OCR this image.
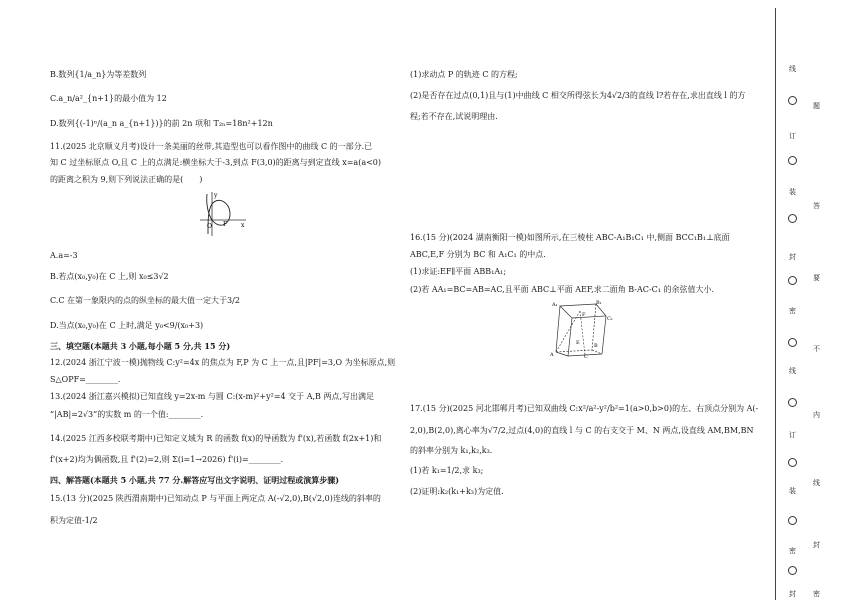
B.数列{1/a_n}为等差数列
C.a_n/a²_{n+1}的最小值为 12
D.数列{(-1)ⁿ/(a_n a_{n+1})}的前 2n 项和 T₂ₙ=18n²+12n
11.(2025 北京顺义月考)设计一条美丽的丝带,其造型也可以看作图中的曲线 C 的一部分.已
知 C 过坐标原点 O,且 C 上的点满足:横坐标大于-3,到点 F(3,0)的距离与到定直线 x=a(a<0)
的距离之积为 9,则下列说法正确的是(　　)
y
O F x
A.a=-3
B.若点(x₀,y₀)在 C 上,则 x₀≤3√2
C.C 在第一象限内的点的纵坐标的最大值一定大于3/2
D.当点(x₀,y₀)在 C 上时,满足 y₀<9/(x₀+3)
三、填空题(本题共 3 小题,每小题 5 分,共 15 分)
12.(2024 浙江宁波一模)抛物线 C:y²=4x 的焦点为 F,P 为 C 上一点,且|PF|=3,O 为坐标原点,则
S△OPF=________.
13.(2024 浙江嘉兴模拟)已知直线 y=2x-m 与圆 C:(x-m)²+y²=4 交于 A,B 两点,写出满足
“|AB|=2√3”的实数 m 的一个值:________.
14.(2025 江西多校联考期中)已知定义域为 R 的函数 f(x)的导函数为 f'(x),若函数 f(2x+1)和
f'(x+2)均为偶函数,且 f'(2)=2,则 Σ(i=1→2026) f'(i)=________.
四、解答题(本题共 5 小题,共 77 分.解答应写出文字说明、证明过程或演算步骤)
15.(13 分)(2025 陕西渭南期中)已知动点 P 与平面上两定点 A(-√2,0),B(√2,0)连线的斜率的
积为定值-1/2
(1)求动点 P 的轨迹 C 的方程;
(2)是否存在过点(0,1)且与(1)中曲线 C 相交所得弦长为4√2/3的直线 l?若存在,求出直线 l 的方
程;若不存在,试说明理由.
16.(15 分)(2024 湖南衡阳一模)如图所示,在三棱柱 ABC-A₁B₁C₁ 中,侧面 BCC₁B₁⊥底面
ABC,E,F 分别为 BC 和 A₁C₁ 的中点.
(1)求证:EF∥平面 ABB₁A₁;
(2)若 AA₁=BC=AB=AC,且平面 ABC⊥平面 AEF,求二面角 B-AC-C₁ 的余弦值大小.
A₁	B₁
C₁
F
A
E	B
C
17.(15 分)(2025 河北邯郸月考)已知双曲线 C:x²/a²-y²/b²=1(a>0,b>0)的左、右顶点分别为 A(-
2,0),B(2,0),离心率为√7/2,过点(4,0)的直线 l 与 C 的右支交于 M、N 两点,设直线 AM,BM,BN
的斜率分别为 k₁,k₂,k₃.
(1)若 k₁=1/2,求 k₃;
(2)证明:k₂(k₁+k₃)为定值.
线
题
订
答
装
要
封
不
密
内
线
线
订
封
装
密
封 密
